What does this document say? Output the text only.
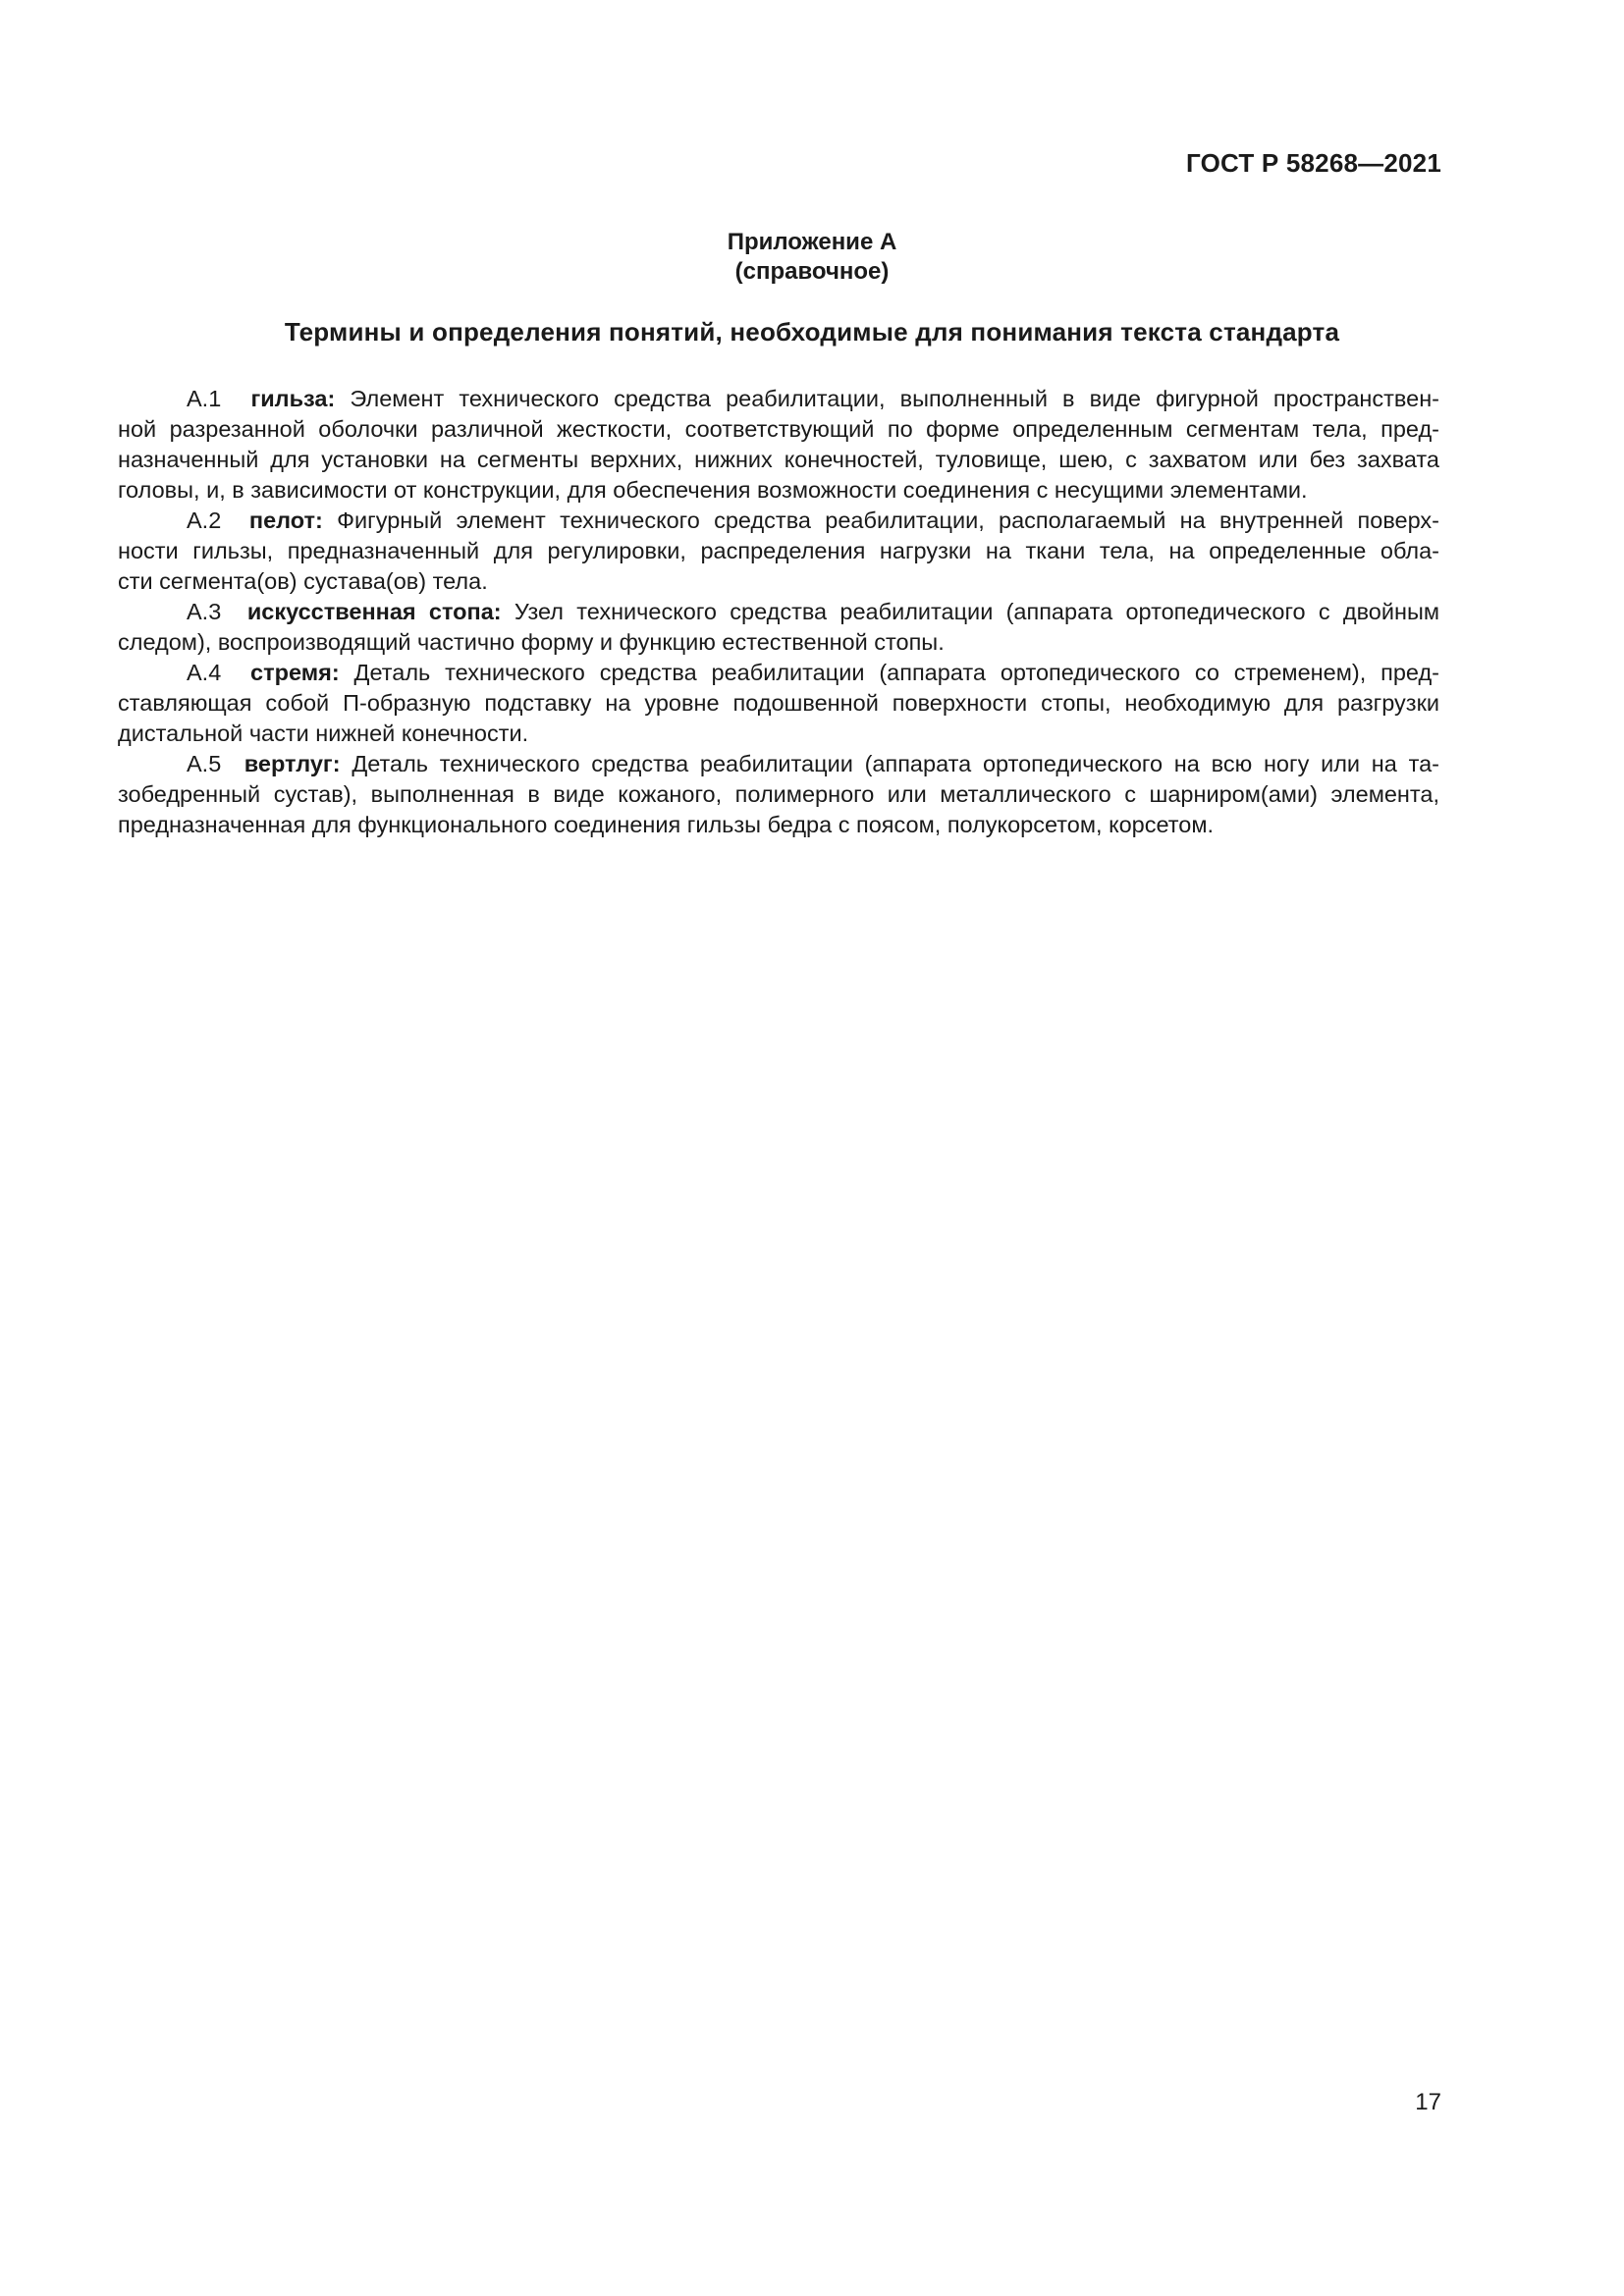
ГОСТ Р 58268—2021
Приложение А
(справочное)
Термины и определения понятий, необходимые для понимания текста стандарта
А.1 гильза: Элемент технического средства реабилитации, выполненный в виде фигурной пространствен-
ной разрезанной оболочки различной жесткости, соответствующий по форме определенным сегментам тела, пред-
назначенный для установки на сегменты верхних, нижних конечностей, туловище, шею, с захватом или без захвата
головы, и, в зависимости от конструкции, для обеспечения возможности соединения с несущими элементами.
А.2 пелот: Фигурный элемент технического средства реабилитации, располагаемый на внутренней поверх-
ности гильзы, предназначенный для регулировки, распределения нагрузки на ткани тела, на определенные обла-
сти сегмента(ов) сустава(ов) тела.
А.3 искусственная стопа: Узел технического средства реабилитации (аппарата ортопедического с двойным
следом), воспроизводящий частично форму и функцию естественной стопы.
А.4 стремя: Деталь технического средства реабилитации (аппарата ортопедического со стременем), пред-
ставляющая собой П-образную подставку на уровне подошвенной поверхности стопы, необходимую для разгрузки
дистальной части нижней конечности.
А.5 вертлуг: Деталь технического средства реабилитации (аппарата ортопедического на всю ногу или на та-
зобедренный сустав), выполненная в виде кожаного, полимерного или металлического с шарниром(ами) элемента,
предназначенная для функционального соединения гильзы бедра с поясом, полукорсетом, корсетом.
17
